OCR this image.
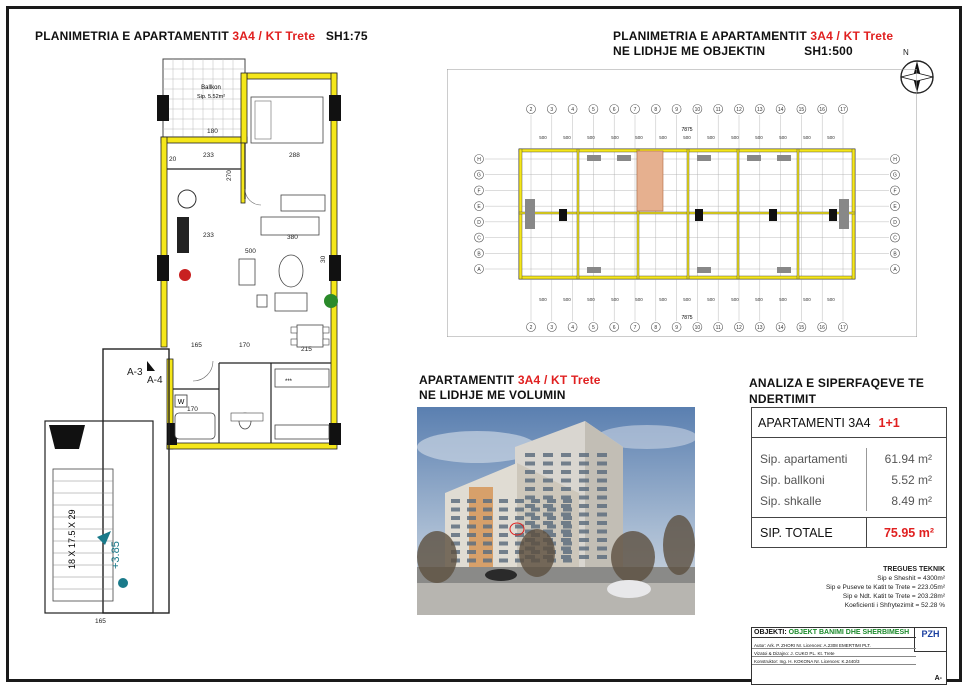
PLANIMETRIA E APARTAMENTIT 3A4 / KT Trete SH1:75	PLANIMETRIA E APARTAMENTIT 3A4 / KT Trete
NE LIDHJE ME OBJEKTIN	SH1:500
APARTAMENTIT 3A4 / KT Trete
NE LIDHJE ME VOLUMIN
ANALIZA E SIPERFAQEVE TE
NDERTIMIT
N
Ballkon
Sip. 5.52m²
W
***
18 X 17.5 X 29	+3.85
A-3
A-4
180
233	288
270
233	380
500
165	170
215
170
165
20
30
2	3	4	5	6	7	8	9	10	11	12	13	14	15	16	17
2	3	4	5	6	7	8	9	10	11	12	13	14	15	16	17
H
G
F
E
D
C
B
A
H
G
F
E
D
C
B
A
7875
7875
500
500
500
500
500
500
500
500
500
500
500
500
500
500
500
500
500
500
500
500
500
500
500
500
500
500
APARTAMENTI 3A4 1+1
Sip. apartamenti	61.94 m²
Sip. ballkoni	5.52 m²
Sip. shkalle	8.49 m²
SIP. TOTALE	75.95 m²
TREGUES TEKNIK
Sip e Sheshit = 4300m²
Sip e Puseve te Katit te Trete = 223.05m²
Sip e Ndt. Katit te Trete = 203.28m²
Koeficienti i Shfrytezimit = 52.28 %
OBJEKTI: OBJEKT BANIMI DHE SHERBIMESH	PZH
Autor: Ark. P. ZHORI Nr. Licences: A.2308 EMERTIMI PLT.
Vizatoi & Dizajno: J. CUKO PL. Kt. Trete
Konstruktor: Ing. H. KOKONA Nr. Licences: K.2440/3
A-
